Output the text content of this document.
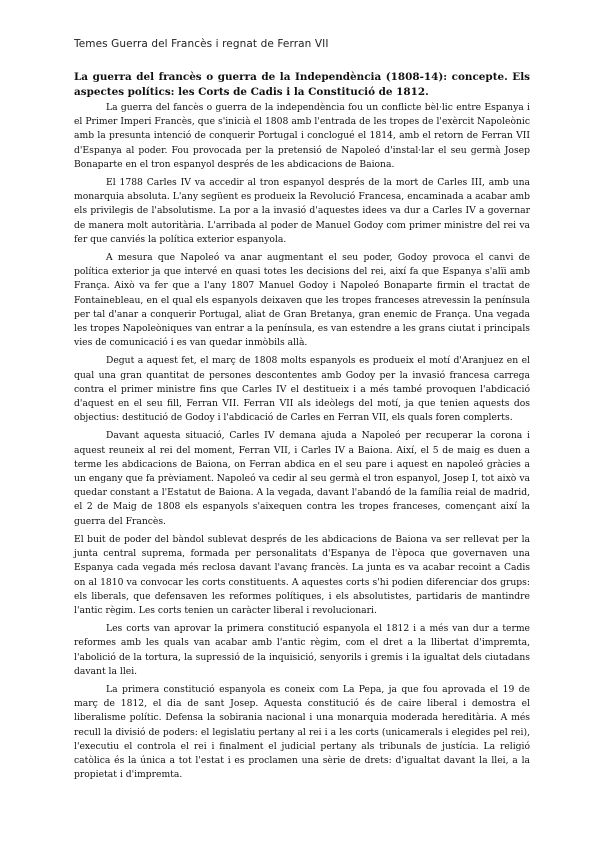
Temes Guerra del Francès i regnat de Ferran VII
La guerra del francès o guerra de la Independència (1808-14): concepte. Els aspectes polítics: les Corts de Cadis i la Constitució de 1812.

La guerra del fancès o guerra de la independència fou un conflicte bèl·lic entre Espanya i el Primer Imperi Francès, que s'inicià el 1808 amb l'entrada de les tropes de l'exèrcit Napoleònic amb la presunta intenció de conquerir Portugal i conclogué el 1814, amb el retorn de Ferran VII d'Espanya al poder. Fou provocada per la pretensió de Napoleó d'instal·lar el seu germà Josep Bonaparte en el tron espanyol després de les abdicacions de Baiona.

El 1788 Carles IV va accedir al tron espanyol després de la mort de Carles III, amb una monarquia absoluta. L'any següent es produeix la Revolució Francesa, encaminada a acabar amb els privilegis de l'absolutisme. La por a la invasió d'aquestes idees va dur a Carles IV a governar de manera molt autoritària. L'arribada al poder de Manuel Godoy com primer ministre del rei va fer que canviés la política exterior espanyola.

A mesura que Napoleó va anar augmentant el seu poder, Godoy provoca el canvi de política exterior ja que intervé en quasi totes les decisions del rei, així fa que Espanya s'alïi amb França. Això va fer que a l'any 1807 Manuel Godoy i Napoleó Bonaparte firmin el tractat de Fontainebleau, en el qual els espanyols deixaven que les tropes franceses atrevessin la península per tal d'anar a conquerir Portugal, aliat de Gran Bretanya, gran enemic de França. Una vegada les tropes Napoleòniques van entrar a la península, es van estendre a les grans ciutat i principals vies de comunicació i es van quedar inmòbils allà.

Degut a aquest fet, el març de 1808 molts espanyols es produeix el motí d'Aranjuez en el qual una gran quantitat de persones descontentes amb Godoy per la invasió francesa carrega contra el primer ministre fins que Carles IV el destitueix i a més també provoquen l'abdicació d'aquest en el seu fill, Ferran VII. Ferran VII als ideòlegs del motí, ja que tenien aquests dos objectius: destitució de Godoy i l'abdicació de Carles en Ferran VII, els quals foren complerts.

Davant aquesta situació, Carles IV demana ajuda a Napoleó per recuperar la corona i aquest reuneix al rei del moment, Ferran VII, i Carles IV a Baiona. Així, el 5 de maig es duen a terme les abdicacions de Baiona, on Ferran abdica en el seu pare i aquest en napoleó gràcies a un engany que fa prèviament. Napoleó va cedir al seu germà el tron espanyol, Josep I, tot això va quedar constant a l'Estatut de Baiona. A la vegada, davant l'abandó de la família reial de madrid, el 2 de Maig de 1808 els espanyols s'aixequen contra les tropes franceses, començant així la guerra del Francès.

El buit de poder del bàndol sublevat després de les abdicacions de Baiona va ser rellevat per la junta central suprema, formada per personalitats d'Espanya de l'època que governaven una Espanya cada vegada més reclosa davant l'avanç francès. La junta es va acabar recoint a Cadis on al 1810 va convocar les corts constituents. A aquestes corts s'hi podien diferenciar dos grups: els liberals, que defensaven les reformes polítiques, i els absolutistes, partidaris de mantindre l'antic règim. Les corts tenien un caràcter liberal i revolucionari.

Les corts van aprovar la primera constitució espanyola el 1812 i a més van dur a terme reformes amb les quals van acabar amb l'antic règim, com el dret a la llibertat d'impremta, l'abolició de la tortura, la supressió de la inquisició, senyorils i gremis i la igualtat dels ciutadans davant la llei.

La primera constitució espanyola es coneix com La Pepa, ja que fou aprovada el 19 de març de 1812, el dia de sant Josep. Aquesta constitució és de caire liberal i demostra el liberalisme polític. Defensa la sobirania nacional i una monarquia moderada hereditària. A més recull la divisió de poders: el legislatiu pertany al rei i a les corts (unicamerals i elegides pel rei), l'executiu el controla el rei i finalment el judicial pertany als tribunals de justícia. La religió catòlica és la única a tot l'estat i es proclamen una sèrie de drets: d'igualtat davant la llei, a la propietat i d'impremta.
